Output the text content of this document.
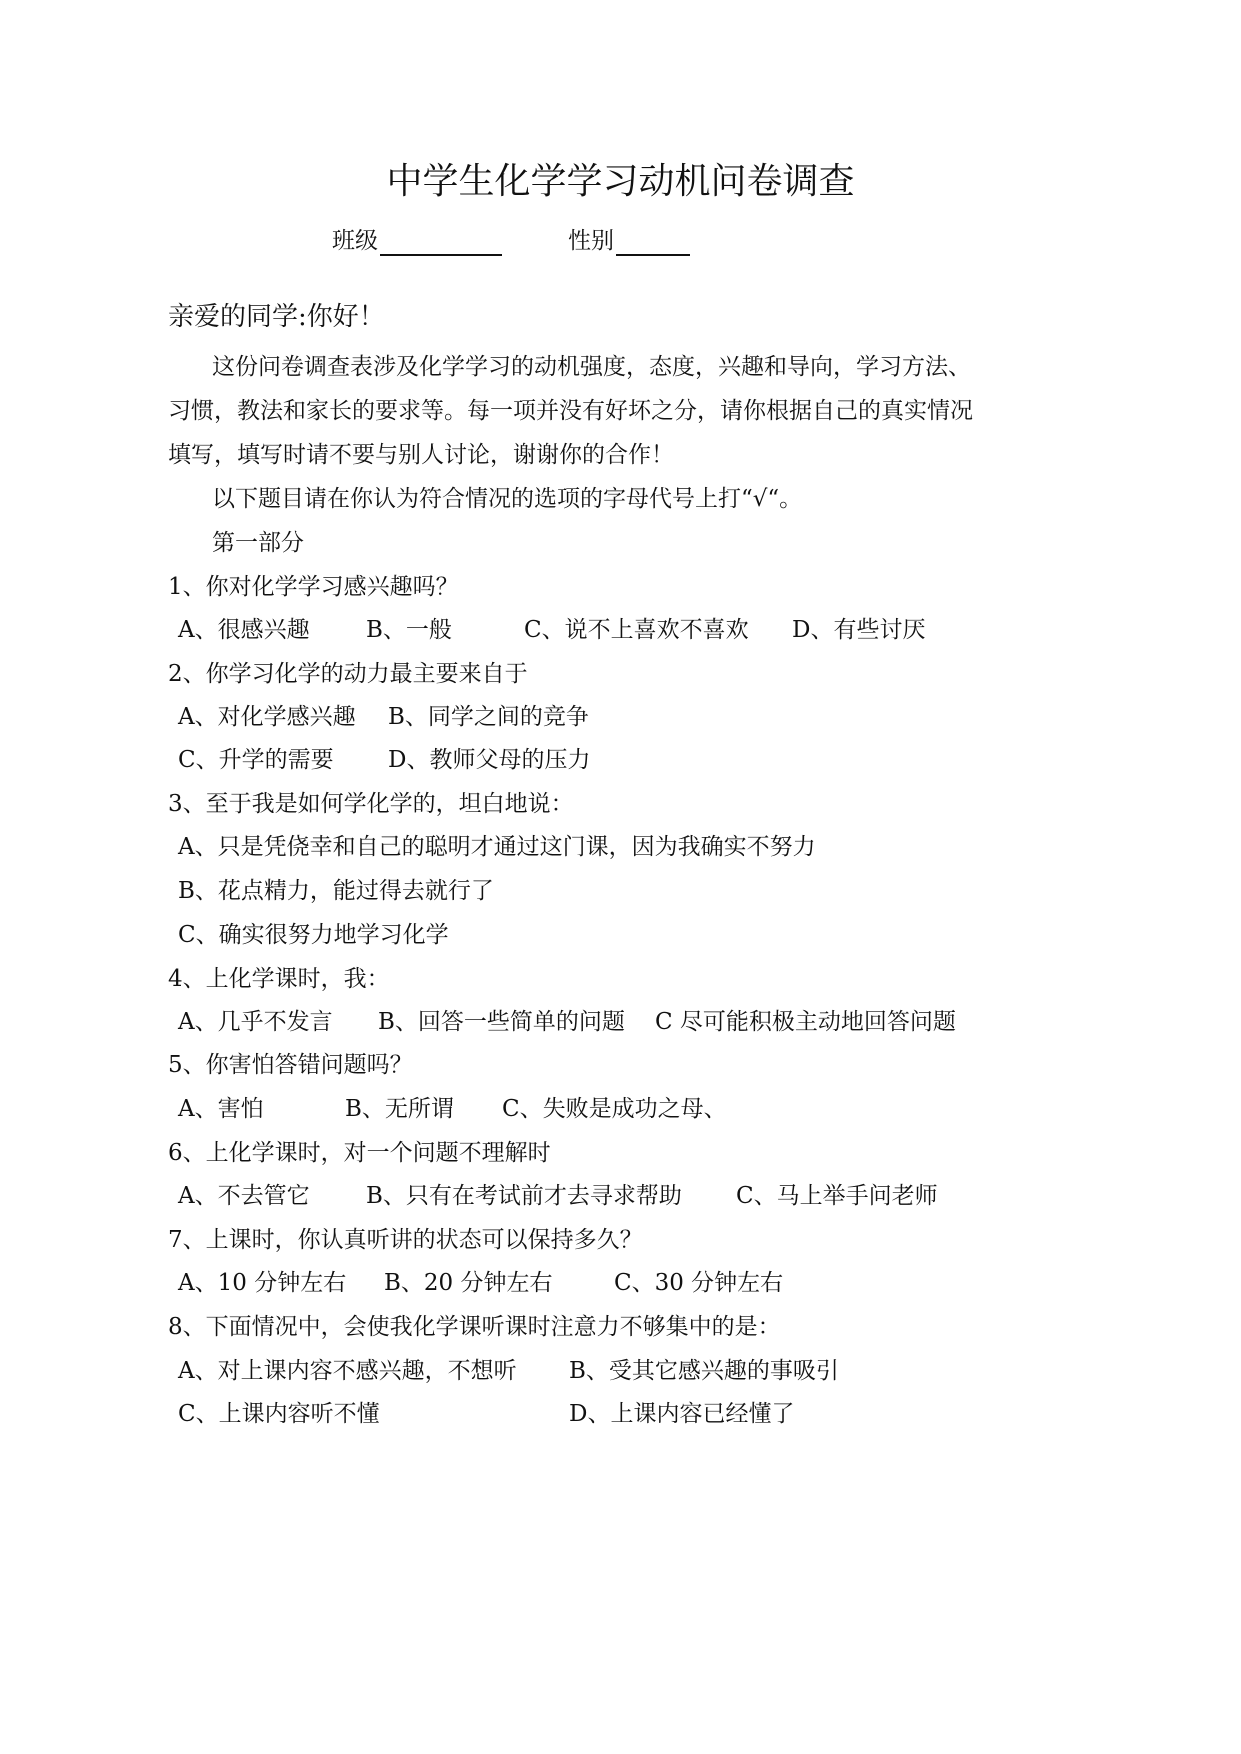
中学生化学学习动机问卷调查
班级	性别
亲爱的同学:你好！
这份问卷调查表涉及化学学习的动机强度，态度，兴趣和导向，学习方法、
习惯，教法和家长的要求等。每一项并没有好坏之分，请你根据自己的真实情况
填写，填写时请不要与别人讨论，谢谢你的合作！
以下题目请在你认为符合情况的选项的字母代号上打“√“。
第一部分
1、你对化学学习感兴趣吗？
A、很感兴趣 B、一般	C、说不上喜欢不喜欢 D、有些讨厌
2、你学习化学的动力最主要来自于
A、对化学感兴趣 B、同学之间的竞争
C、升学的需要 D、教师父母的压力
3、至于我是如何学化学的，坦白地说：
A、只是凭侥幸和自己的聪明才通过这门课，因为我确实不努力
B、花点精力，能过得去就行了
C、确实很努力地学习化学
4、上化学课时，我：
A、几乎不发言 B、回答一些简单的问题 C 尽可能积极主动地回答问题
5、你害怕答错问题吗？
A、害怕	B、无所谓 C、失败是成功之母、
6、上化学课时，对一个问题不理解时
A、不去管它 B、只有在考试前才去寻求帮助 C、马上举手问老师
7、上课时，你认真听讲的状态可以保持多久？
A、10 分钟左右 B、20 分钟左右	C、30 分钟左右
8、下面情况中，会使我化学课听课时注意力不够集中的是：
A、对上课内容不感兴趣，不想听 B、受其它感兴趣的事吸引
C、上课内容听不懂	D、上课内容已经懂了
